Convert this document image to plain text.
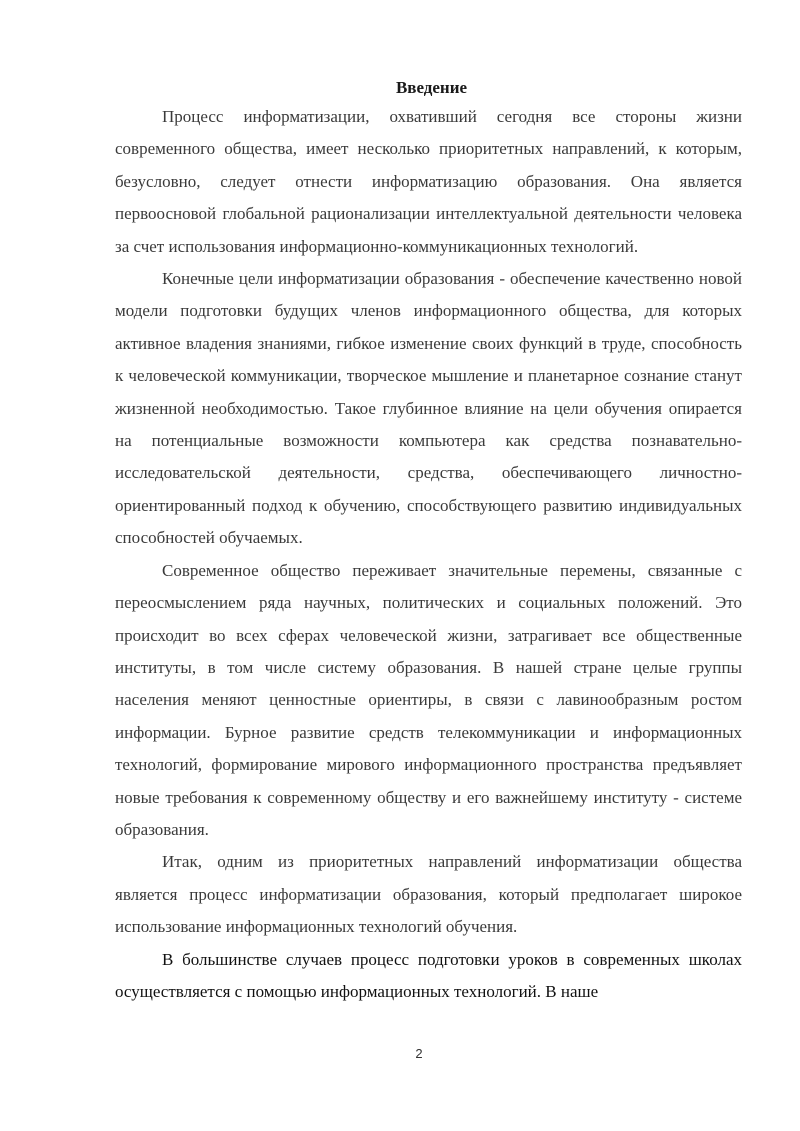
Введение

Процесс информатизации, охвативший сегодня все стороны жизни современного общества, имеет несколько приоритетных направлений, к которым, безусловно, следует отнести информатизацию образования. Она является первоосновой глобальной рационализации интеллектуальной деятельности человека за счет использования информационно-коммуникационных технологий.

Конечные цели информатизации образования - обеспечение качественно новой модели подготовки будущих членов информационного общества, для которых активное владения знаниями, гибкое изменение своих функций в труде, способность к человеческой коммуникации, творческое мышление и планетарное сознание станут жизненной необходимостью. Такое глубинное влияние на цели обучения опирается на потенциальные возможности компьютера как средства познавательно-исследовательской деятельности, средства, обеспечивающего личностно-ориентированный подход к обучению, способствующего развитию индивидуальных способностей обучаемых.

Современное общество переживает значительные перемены, связанные с переосмыслением ряда научных, политических и социальных положений. Это происходит во всех сферах человеческой жизни, затрагивает все общественные институты, в том числе систему образования. В нашей стране целые группы населения меняют ценностные ориентиры, в связи с лавинообразным ростом информации. Бурное развитие средств телекоммуникации и информационных технологий, формирование мирового информационного пространства предъявляет новые требования к современному обществу и его важнейшему институту - системе образования.

Итак, одним из приоритетных направлений информатизации общества является процесс информатизации образования, который предполагает широкое использование информационных технологий обучения.

В большинстве случаев процесс подготовки уроков в современных школах осуществляется с помощью информационных технологий. В наше

2
